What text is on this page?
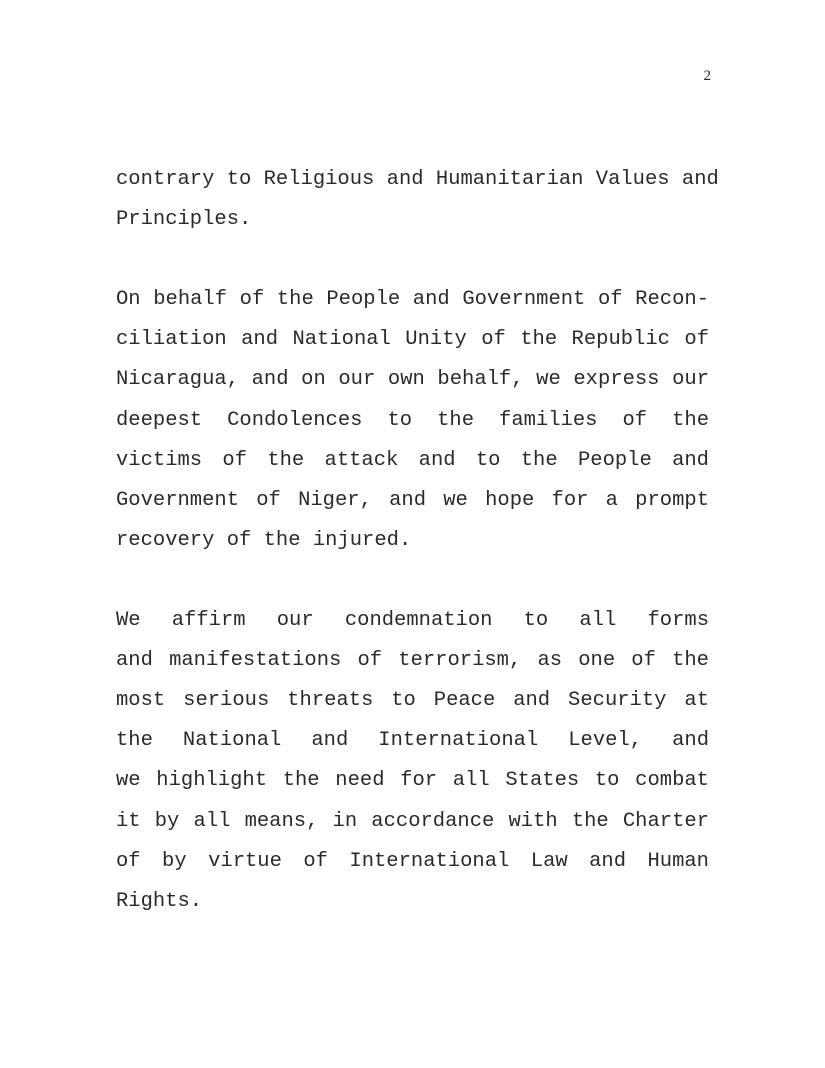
2
contrary to Religious and Humanitarian Values and
Principles.
On behalf of the People and Government of Recon-
ciliation and National Unity of the Republic of
Nicaragua, and on our own behalf, we express our
deepest Condolences to the families of the
victims of the attack and to the People and
Government of Niger, and we hope for a prompt
recovery of the injured.
We affirm our condemnation to all forms
and manifestations of terrorism, as one of the
most serious threats to Peace and Security at
the National and International Level, and
we highlight the need for all States to combat
it by all means, in accordance with the Charter
of by virtue of International Law and Human
Rights.
